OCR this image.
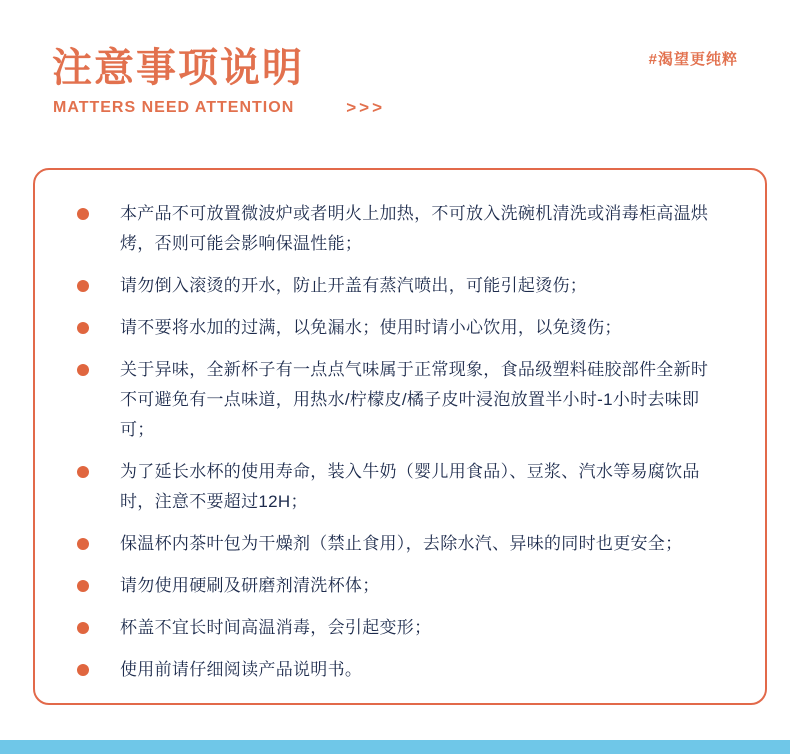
注意事项说明
MATTERS NEED ATTENTION	>>>
#渴望更纯粹
本产品不可放置微波炉或者明火上加热，不可放入洗碗机清洗或消毒柜高温烘烤，否则可能会影响保温性能；
请勿倒入滚烫的开水，防止开盖有蒸汽喷出，可能引起烫伤；
请不要将水加的过满，以免漏水；使用时请小心饮用，以免烫伤；
关于异味，全新杯子有一点点气味属于正常现象，食品级塑料硅胶部件全新时不可避免有一点味道，用热水/柠檬皮/橘子皮叶浸泡放置半小时-1小时去味即可；
为了延长水杯的使用寿命，装入牛奶（婴儿用食品）、豆浆、汽水等易腐饮品时，注意不要超过12H；
保温杯内茶叶包为干燥剂（禁止食用），去除水汽、异味的同时也更安全；
请勿使用硬刷及研磨剂清洗杯体；
杯盖不宜长时间高温消毒，会引起变形；
使用前请仔细阅读产品说明书。
